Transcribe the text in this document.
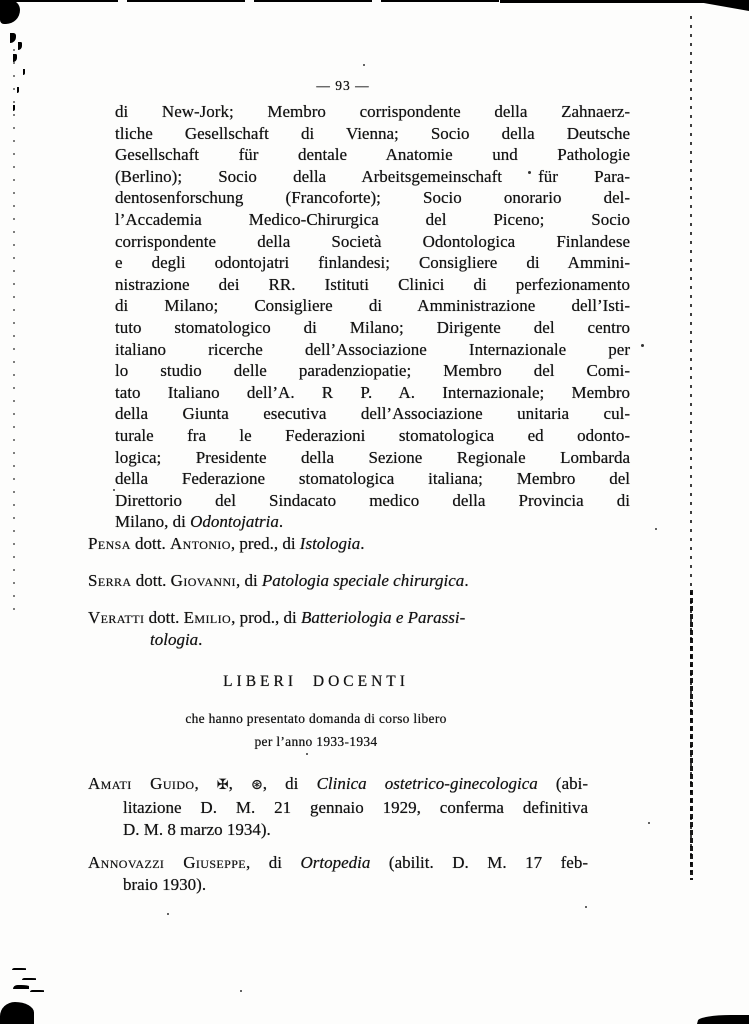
— 93 —
di New-Jork; Membro corrispondente della Zahnaerz-
tliche Gesellschaft di Vienna; Socio della Deutsche
Gesellschaft für dentale Anatomie und Pathologie
(Berlino); Socio della Arbeitsgemeinschaft für Para-
dentosenforschung (Francoforte); Socio onorario del-
l’Accademia Medico-Chirurgica del Piceno; Socio
corrispondente della Società Odontologica Finlandese
e degli odontojatri finlandesi; Consigliere di Ammini-
nistrazione dei RR. Istituti Clinici di perfezionamento
di Milano; Consigliere di Amministrazione dell’Isti-
tuto stomatologico di Milano; Dirigente del centro
italiano ricerche dell’Associazione Internazionale per
lo studio delle paradenziopatie; Membro del Comi-
tato Italiano dell’A. R P. A. Internazionale; Membro
della Giunta esecutiva dell’Associazione unitaria cul-
turale fra le Federazioni stomatologica ed odonto-
logica; Presidente della Sezione Regionale Lombarda
della Federazione stomatologica italiana; Membro del
Direttorio del Sindacato medico della Provincia di
Milano, di Odontojatria.
Pensa dott. Antonio, pred., di Istologia.
Serra dott. Giovanni, di Patologia speciale chirurgica.
Veratti dott. Emilio, prod., di Batteriologia e Parassi-
tologia.
LIBERI DOCENTI
che hanno presentato domanda di corso libero
per l’anno 1933-1934
Amati Guido, ✠, ⊛, di Clinica ostetrico-ginecologica (abi-
litazione D. M. 21 gennaio 1929, conferma definitiva
D. M. 8 marzo 1934).
Annovazzi Giuseppe, di Ortopedia (abilit. D. M. 17 feb-
braio 1930).
